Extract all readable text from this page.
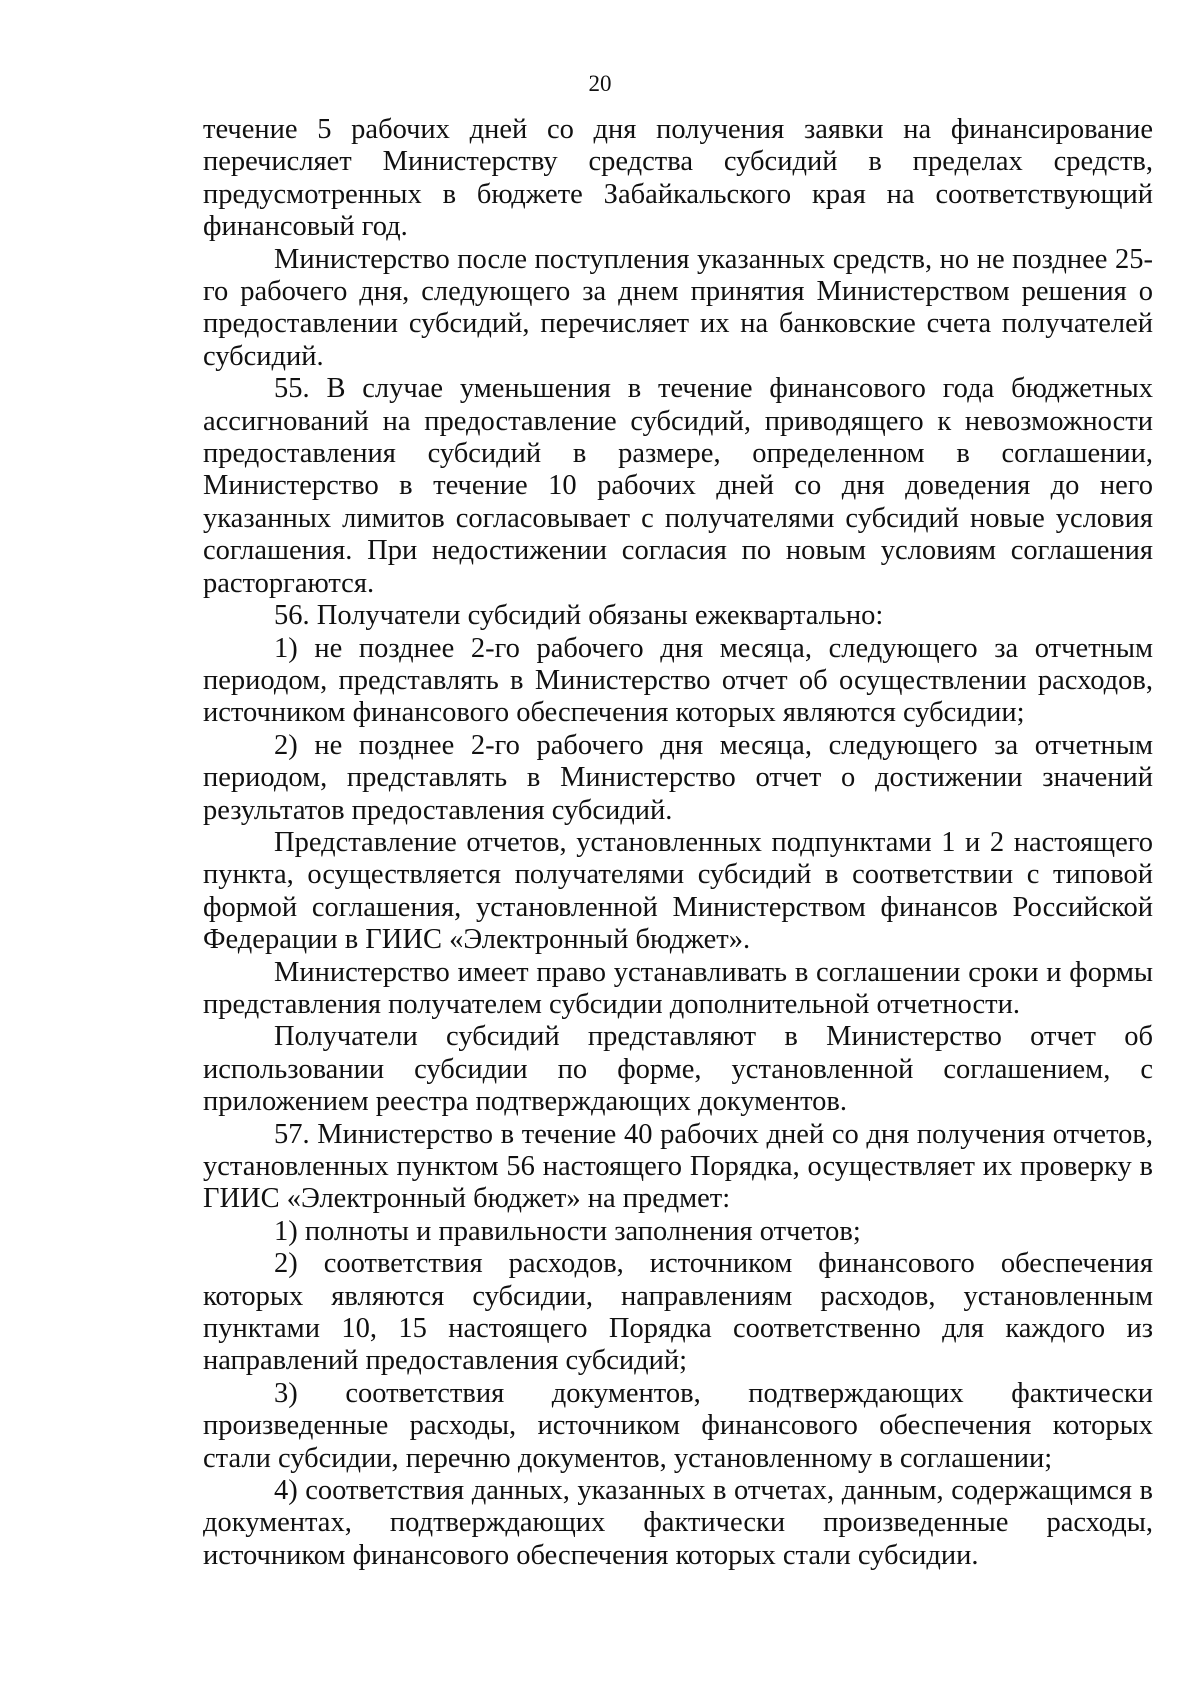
20

течение 5 рабочих дней со дня получения заявки на финансирование перечисляет Министерству средства субсидий в пределах средств, предусмотренных в бюджете Забайкальского края на соответствующий финансовый год.

Министерство после поступления указанных средств, но не позднее 25-го рабочего дня, следующего за днем принятия Министерством решения о предоставлении субсидий, перечисляет их на банковские счета получателей субсидий.

55. В случае уменьшения в течение финансового года бюджетных ассигнований на предоставление субсидий, приводящего к невозможности предоставления субсидий в размере, определенном в соглашении, Министерство в течение 10 рабочих дней со дня доведения до него указанных лимитов согласовывает с получателями субсидий новые условия соглашения. При недостижении согласия по новым условиям соглашения расторгаются.

56. Получатели субсидий обязаны ежеквартально:

1) не позднее 2-го рабочего дня месяца, следующего за отчетным периодом, представлять в Министерство отчет об осуществлении расходов, источником финансового обеспечения которых являются субсидии;

2) не позднее 2-го рабочего дня месяца, следующего за отчетным периодом, представлять в Министерство отчет о достижении значений результатов предоставления субсидий.

Представление отчетов, установленных подпунктами 1 и 2 настоящего пункта, осуществляется получателями субсидий в соответствии с типовой формой соглашения, установленной Министерством финансов Российской Федерации в ГИИС «Электронный бюджет».

Министерство имеет право устанавливать в соглашении сроки и формы представления получателем субсидии дополнительной отчетности.

Получатели субсидий представляют в Министерство отчет об использовании субсидии по форме, установленной соглашением, с приложением реестра подтверждающих документов.

57. Министерство в течение 40 рабочих дней со дня получения отчетов, установленных пунктом 56 настоящего Порядка, осуществляет их проверку в ГИИС «Электронный бюджет» на предмет:

1) полноты и правильности заполнения отчетов;

2) соответствия расходов, источником финансового обеспечения которых являются субсидии, направлениям расходов, установленным пунктами 10, 15 настоящего Порядка соответственно для каждого из направлений предоставления субсидий;

3) соответствия документов, подтверждающих фактически произведенные расходы, источником финансового обеспечения которых стали субсидии, перечню документов, установленному в соглашении;

4) соответствия данных, указанных в отчетах, данным, содержащимся в документах, подтверждающих фактически произведенные расходы, источником финансового обеспечения которых стали субсидии.
